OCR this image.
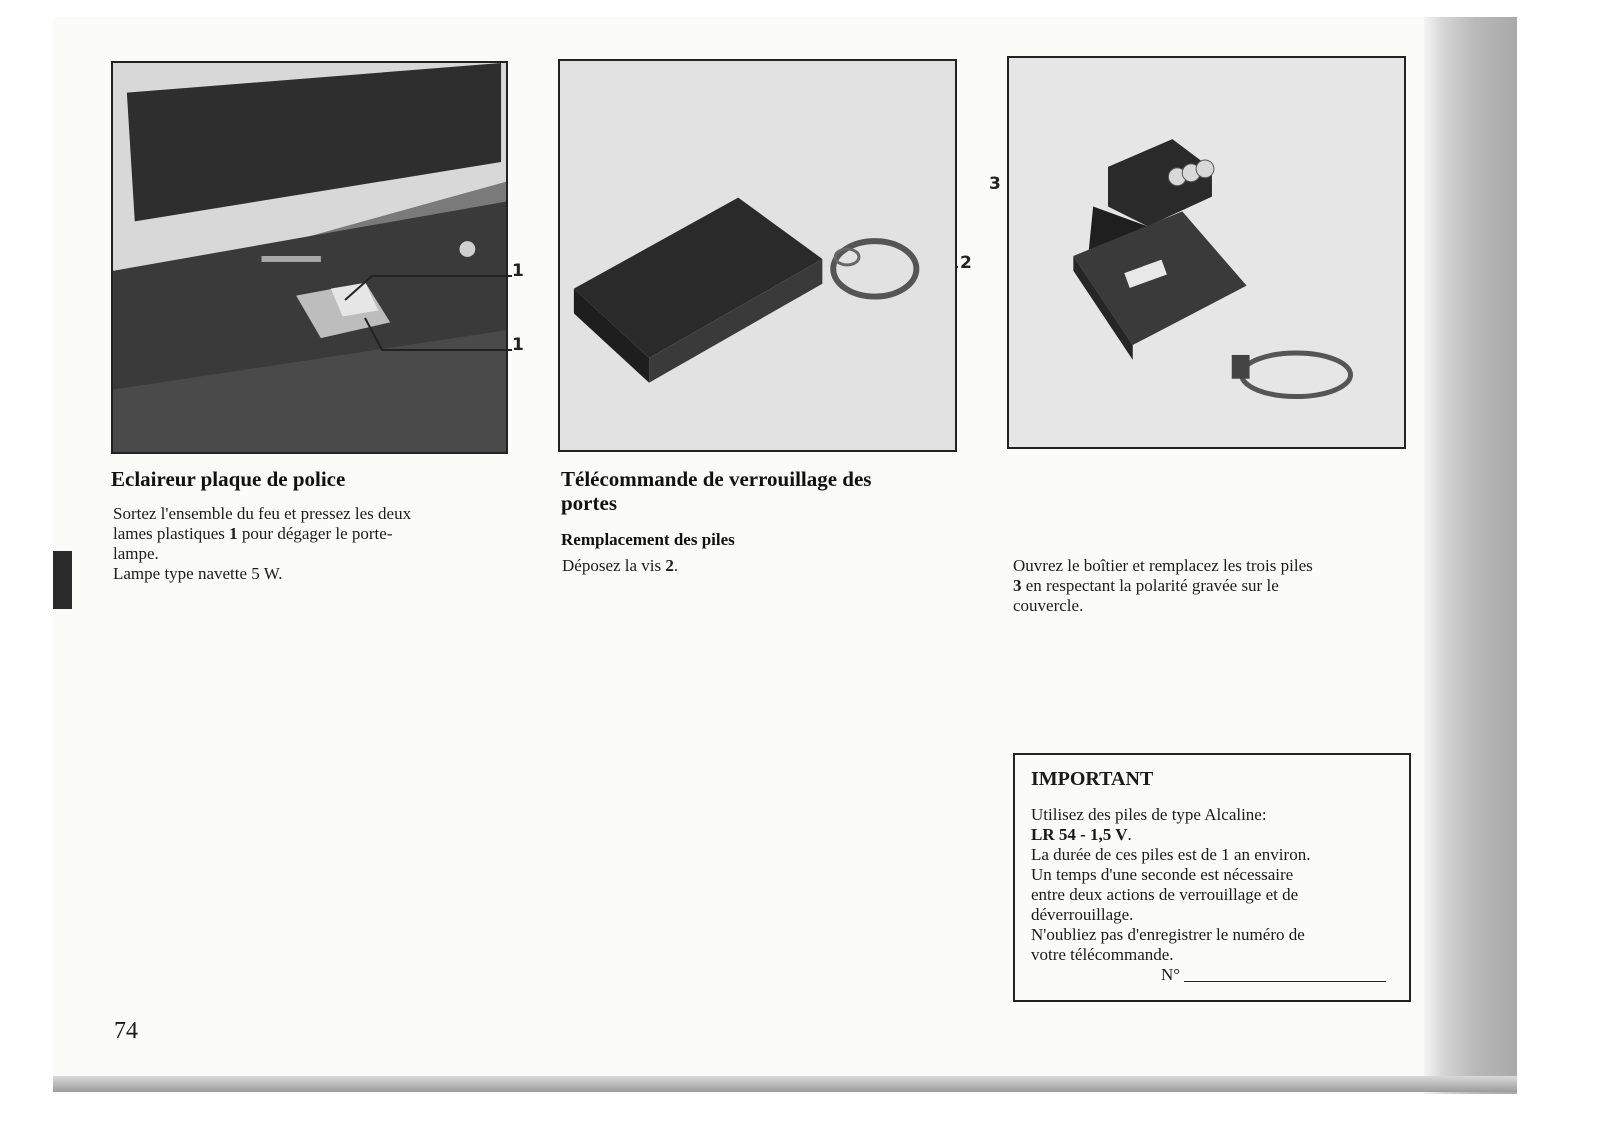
1
1
2
3
Eclaireur plaque de police

Sortez l'ensemble du feu et pressez les deux

lames plastiques 1 pour dégager le porte-

lampe.

Lampe type navette 5 W.

Télécommande de verrouillage des
portes
Remplacement des piles

Déposez la vis 2.	Ouvrez le boîtier et remplacez les trois piles

3 en respectant la polarité gravée sur le

couvercle.

IMPORTANT

Utilisez des piles de type Alcaline:

LR 54 - 1,5 V.

La durée de ces piles est de 1 an environ.

Un temps d'une seconde est nécessaire

entre deux actions de verrouillage et de

déverrouillage.

N'oubliez pas d'enregistrer le numéro de

votre télécommande.

N°

74
